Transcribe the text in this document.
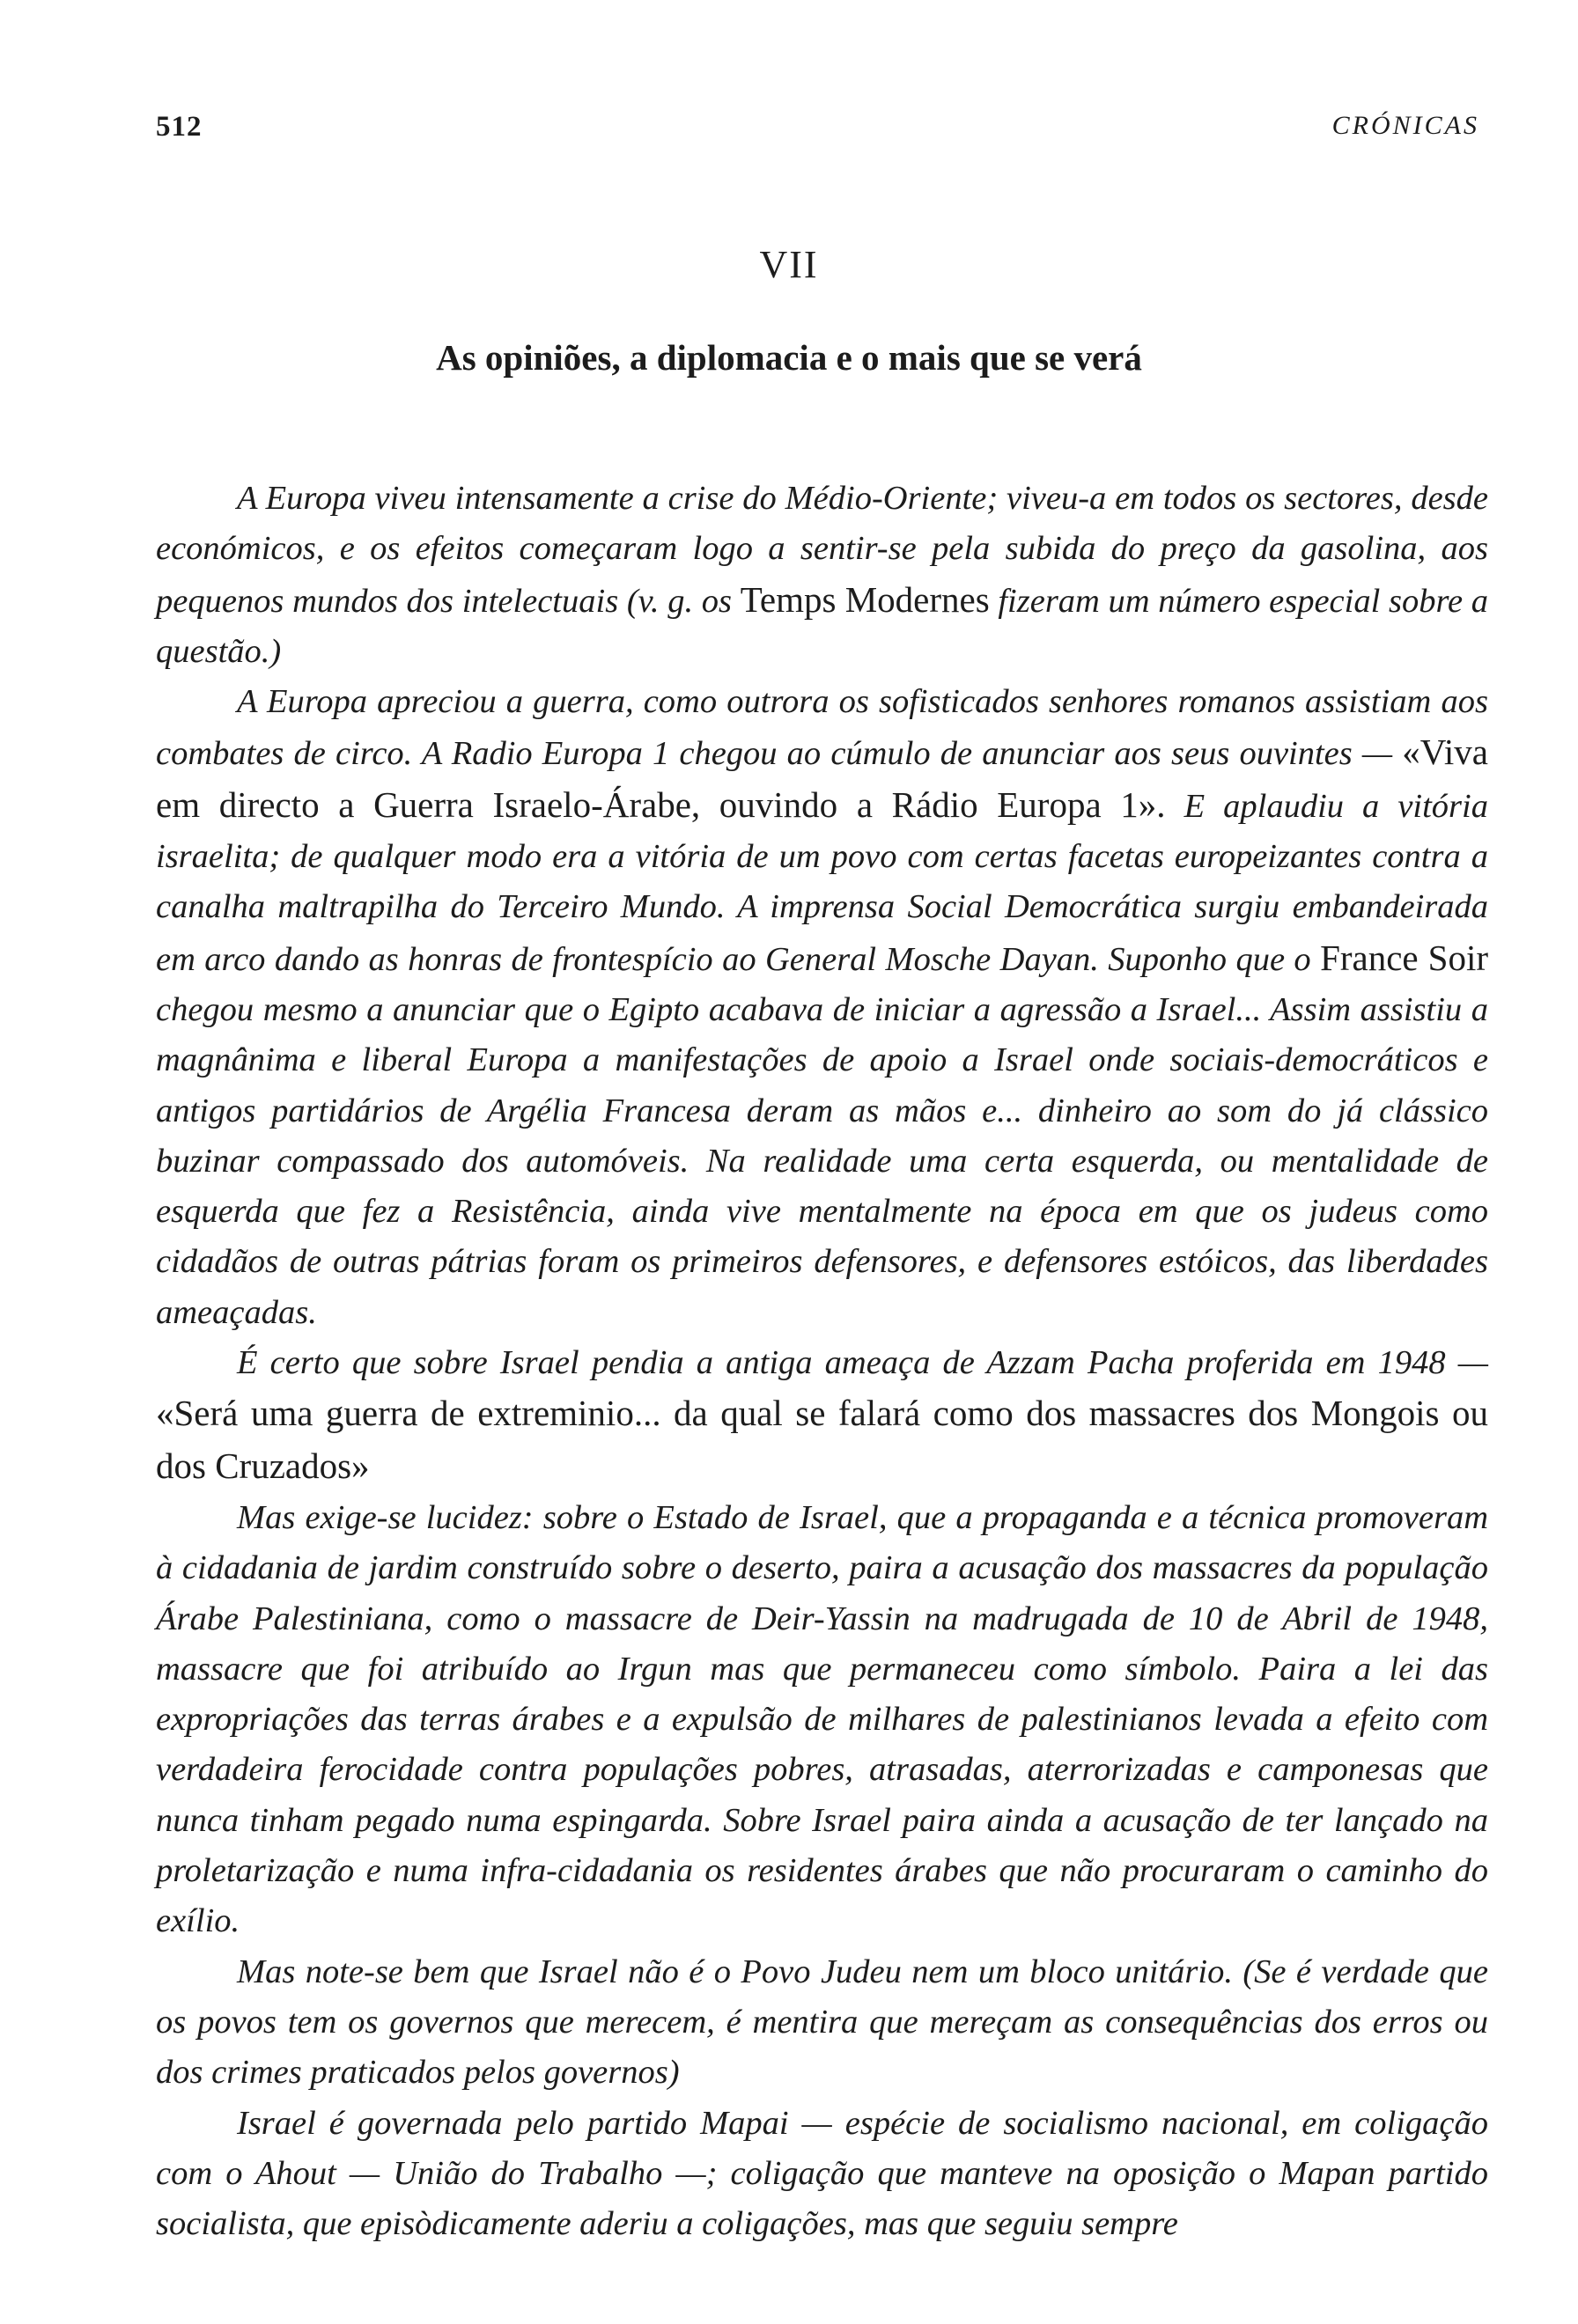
512	CRÓNICAS
VII
As opiniões, a diplomacia e o mais que se verá

A Europa viveu intensamente a crise do Médio-Oriente; viveu-a em todos os sectores, desde económicos, e os efeitos começaram logo a sentir-se pela subida do preço da gasolina, aos pequenos mundos dos intelectuais (v. g. os Temps Modernes fizeram um número especial sobre a questão.)

A Europa apreciou a guerra, como outrora os sofisticados senhores romanos assistiam aos combates de circo. A Radio Europa 1 chegou ao cúmulo de anunciar aos seus ouvintes — «Viva em directo a Guerra Israelo-Árabe, ouvindo a Rádio Europa 1». E aplaudiu a vitória israelita; de qualquer modo era a vitória de um povo com certas facetas europeizantes contra a canalha maltrapilha do Terceiro Mundo. A imprensa Social Democrática surgiu embandeirada em arco dando as honras de frontespício ao General Mosche Dayan. Suponho que o France Soir chegou mesmo a anunciar que o Egipto acabava de iniciar a agressão a Israel... Assim assistiu a magnânima e liberal Europa a manifestações de apoio a Israel onde sociais-democráticos e antigos partidários de Argélia Francesa deram as mãos e... dinheiro ao som do já clássico buzinar compassado dos automóveis. Na realidade uma certa esquerda, ou mentalidade de esquerda que fez a Resistência, ainda vive mentalmente na época em que os judeus como cidadãos de outras pátrias foram os primeiros defensores, e defensores estóicos, das liberdades ameaçadas.

É certo que sobre Israel pendia a antiga ameaça de Azzam Pacha proferida em 1948 — «Será uma guerra de extreminio... da qual se falará como dos massacres dos Mongois ou dos Cruzados»

Mas exige-se lucidez: sobre o Estado de Israel, que a propaganda e a técnica promoveram à cidadania de jardim construído sobre o deserto, paira a acusação dos massacres da população Árabe Palestiniana, como o massacre de Deir-Yassin na madrugada de 10 de Abril de 1948, massacre que foi atribuído ao Irgun mas que permaneceu como símbolo. Paira a lei das expropriações das terras árabes e a expulsão de milhares de palestinianos levada a efeito com verdadeira ferocidade contra populações pobres, atrasadas, aterrorizadas e camponesas que nunca tinham pegado numa espingarda. Sobre Israel paira ainda a acusação de ter lançado na proletarização e numa infra-cidadania os residentes árabes que não procuraram o caminho do exílio.

Mas note-se bem que Israel não é o Povo Judeu nem um bloco unitário. (Se é verdade que os povos tem os governos que merecem, é mentira que mereçam as consequências dos erros ou dos crimes praticados pelos governos)

Israel é governada pelo partido Mapai — espécie de socialismo nacional, em coligação com o Ahout — União do Trabalho —; coligação que manteve na oposição o Mapan partido socialista, que episòdicamente aderiu a coligações, mas que seguiu sempre
